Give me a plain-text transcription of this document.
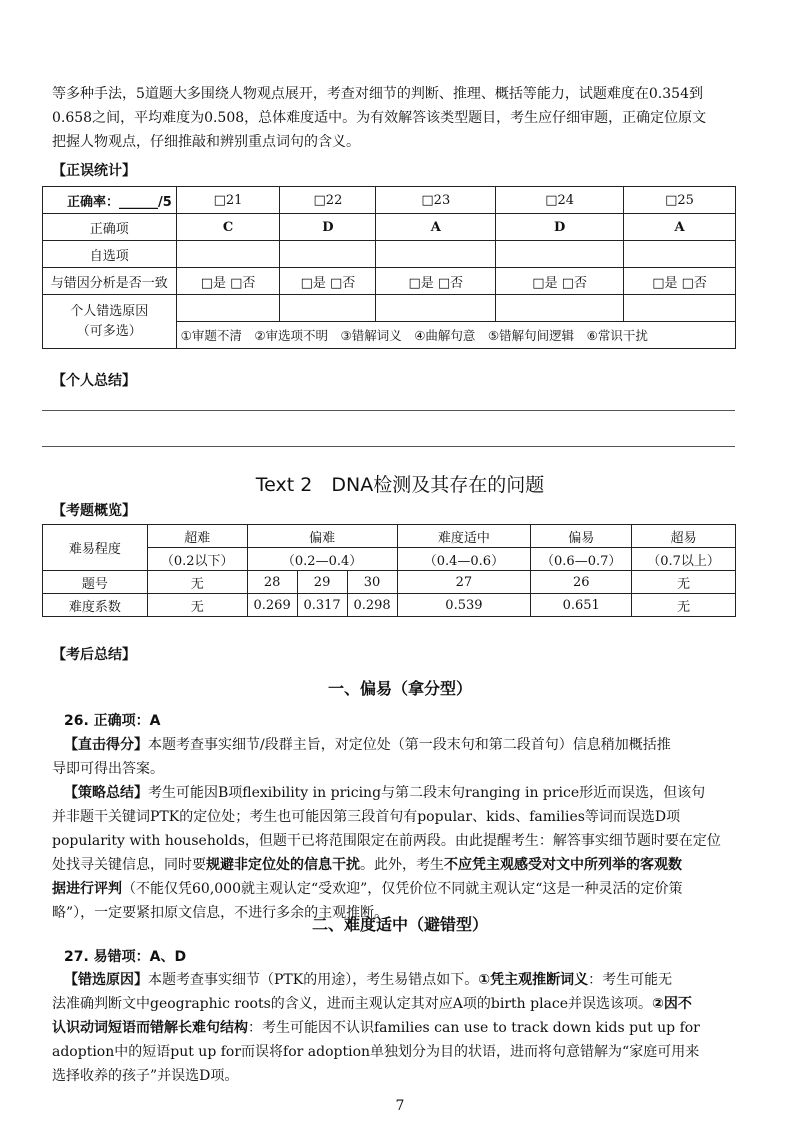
等多种手法，5道题大多围绕人物观点展开，考查对细节的判断、推理、概括等能力，试题难度在0.354到

0.658之间，平均难度为0.508，总体难度适中。为有效解答该类型题目，考生应仔细审题，正确定位原文

把握人物观点，仔细推敲和辨别重点词句的含义。

【正误统计】
正确率：______/5	□21	□22	□23	□24	□25
正确项	C	D	A	D	A
自选项					
与错因分析是否一致	□是 □否	□是 □否	□是 □否	□是 □否	□是 □否

个人错选原因
（可多选）					

	①审题不清　②审选项不明　③错解词义　④曲解句意　⑤错解句间逻辑　⑥常识干扰				
【个人总结】
Text 2　DNA检测及其存在的问题
【考题概览】
难易程度	超难	偏难			难度适中	偏易	超易
	（0.2以下）	（0.2—0.4）			（0.4—0.6）	（0.6—0.7）	（0.7以上）
题号	无	28	29	30	27	26	无
难度系数	无	0.269	0.317	0.298	0.539	0.651	无
【考后总结】
一、偏易（拿分型）
26. 正确项：A

【直击得分】本题考查事实细节/段群主旨，对定位处（第一段末句和第二段首句）信息稍加概括推

导即可得出答案。

【策略总结】考生可能因B项flexibility in pricing与第二段末句ranging in price形近而误选，但该句

并非题干关键词PTK的定位处；考生也可能因第三段首句有popular、kids、families等词而误选D项

popularity with households，但题干已将范围限定在前两段。由此提醒考生：解答事实细节题时要在定位

处找寻关键信息，同时要规避非定位处的信息干扰。此外，考生不应凭主观感受对文中所列举的客观数

据进行评判（不能仅凭60,000就主观认定“受欢迎”，仅凭价位不同就主观认定“这是一种灵活的定价策

略”），一定要紧扣原文信息，不进行多余的主观推断。

二、难度适中（避错型）
27. 易错项：A、D

【错选原因】本题考查事实细节（PTK的用途），考生易错点如下。①凭主观推断词义：考生可能无

法准确判断文中geographic roots的含义，进而主观认定其对应A项的birth place并误选该项。②因不

认识动词短语而错解长难句结构：考生可能因不认识families can use to track down kids put up for

adoption中的短语put up for而误将for adoption单独划分为目的状语，进而将句意错解为“家庭可用来

选择收养的孩子”并误选D项。

7
